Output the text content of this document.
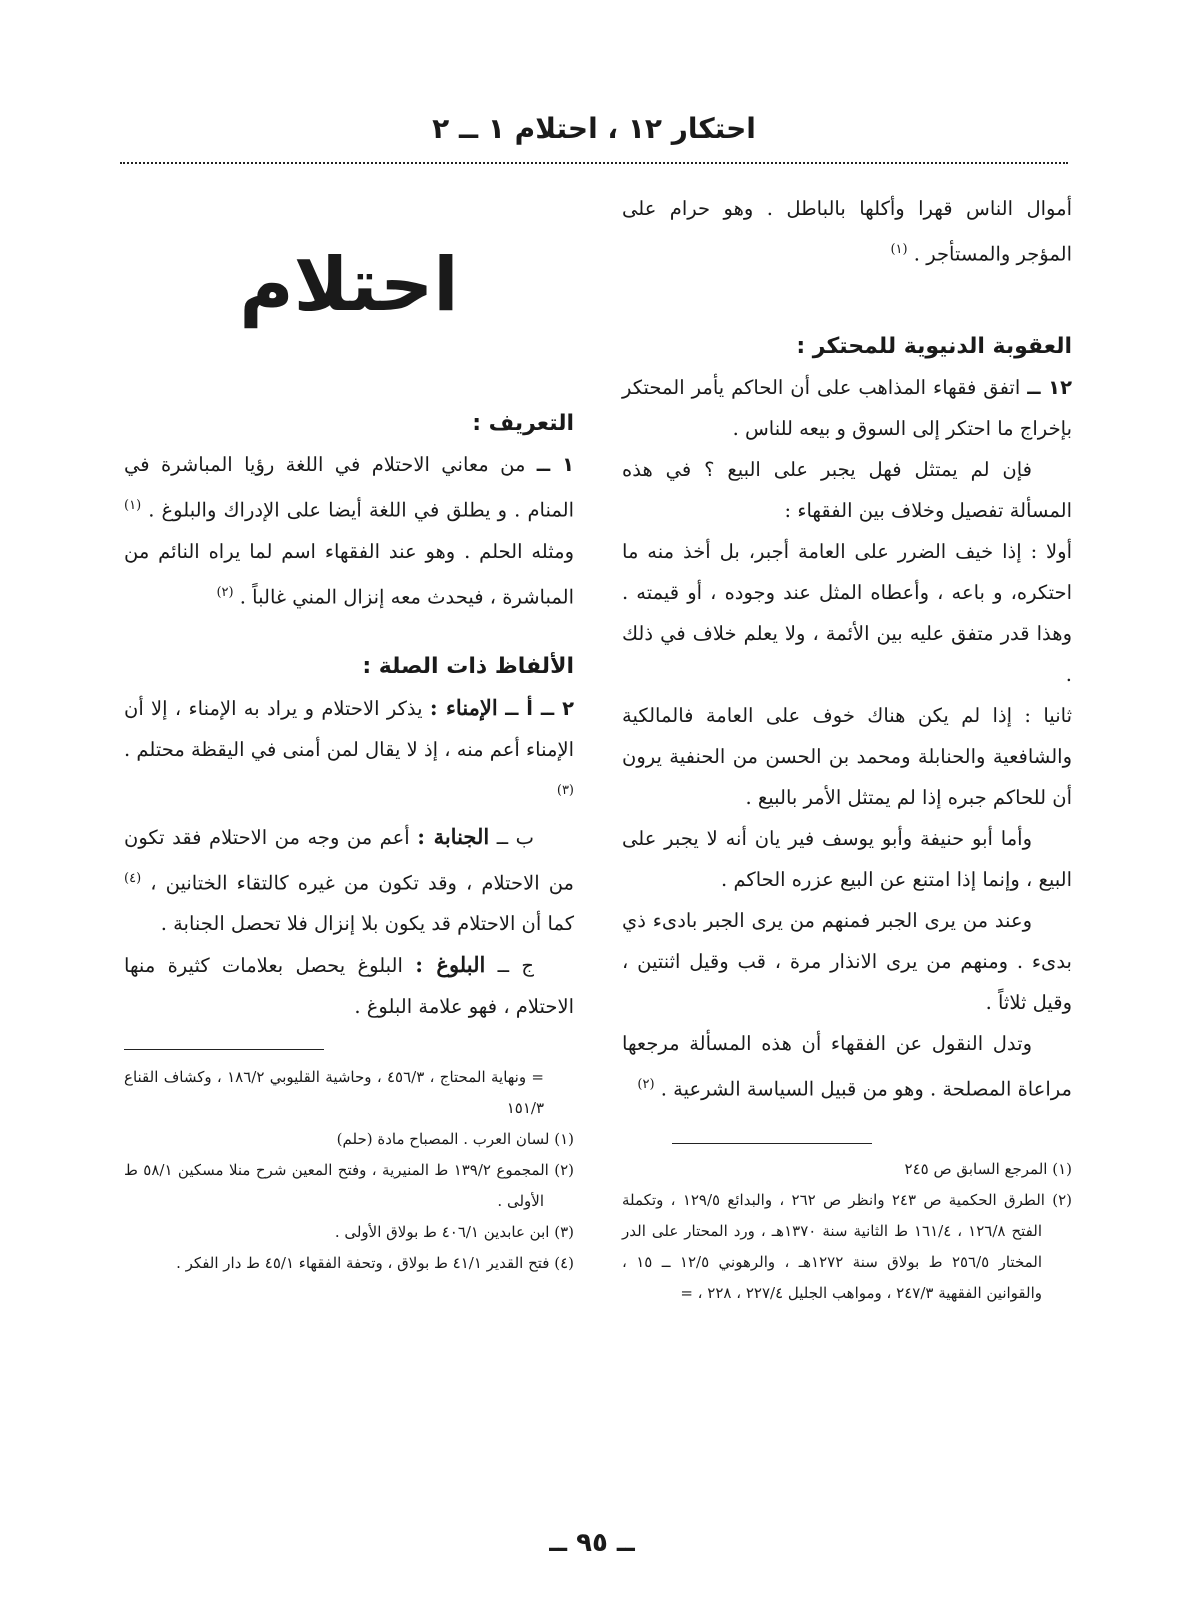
احتكار ١٢ ، احتلام ١ ــ ٢

أموال الناس قهرا وأكلها بالباطل . وهو حرام على المؤجر والمستأجر . $^{(١)}$

العقوبة الدنيوية للمحتكر :

١٢ ــ اتفق فقهاء المذاهب على أن الحاكم يأمر المحتكر بإخراج ما احتكر إلى السوق و بيعه للناس .

فإن لم يمتثل فهل يجبر على البيع ؟ في هذه المسألة تفصيل وخلاف بين الفقهاء :

أولا : إذا خيف الضرر على العامة أجبر، بل أخذ منه ما احتكره، و باعه ، وأعطاه المثل عند وجوده ، أو قيمته . وهذا قدر متفق عليه بين الأئمة ، ولا يعلم خلاف في ذلك .

ثانيا : إذا لم يكن هناك خوف على العامة فالمالكية والشافعية والحنابلة ومحمد بن الحسن من الحنفية يرون أن للحاكم جبره إذا لم يمتثل الأمر بالبيع .

وأما أبو حنيفة وأبو يوسف فير يان أنه لا يجبر على البيع ، وإنما إذا امتنع عن البيع عزره الحاكم .

وعند من يرى الجبر فمنهم من يرى الجبر بادىء ذي بدىء . ومنهم من يرى الانذار مرة ، قب وقيل اثنتين ، وقيل ثلاثاً .

وتدل النقول عن الفقهاء أن هذه المسألة مرجعها مراعاة المصلحة . وهو من قبيل السياسة الشرعية . $^{(٢)}$

(١) المرجع السابق ص ٢٤٥
(٢) الطرق الحكمية ص ٢٤٣ وانظر ص ٢٦٢ ، والبدائع ١٢٩/٥ ، وتكملة الفتح ١٢٦/٨ ، ١٦١/٤ ط الثانية سنة ١٣٧٠هـ ، ورد المحتار على الدر المختار ٢٥٦/٥ ط بولاق سنة ١٢٧٢هـ ، والرهوني ١٢/٥ ــ ١٥ ، والقوانين الفقهية ٢٤٧/٣ ، ومواهب الجليل ٢٢٧/٤ ، ٢٢٨ ، =
احتلام
التعريف :

١ ــ من معاني الاحتلام في اللغة رؤيا المباشرة في المنام . و يطلق في اللغة أيضا على الإدراك والبلوغ . $^{(١)}$ ومثله الحلم . وهو عند الفقهاء اسم لما يراه النائم من المباشرة ، فيحدث معه إنزال المني غالباً . $^{(٢)}$

الألفاظ ذات الصلة :

٢ ــ أ ــ الإمناء : يذكر الاحتلام و يراد به الإمناء ، إلا أن الإمناء أعم منه ، إذ لا يقال لمن أمنى في اليقظة محتلم . $^{(٣)}$

ب ــ الجنابة : أعم من وجه من الاحتلام فقد تكون من الاحتلام ، وقد تكون من غيره كالتقاء الختانين ، $^{(٤)}$ كما أن الاحتلام قد يكون بلا إنزال فلا تحصل الجنابة .

ج ــ البلوغ : البلوغ يحصل بعلامات كثيرة منها الاحتلام ، فهو علامة البلوغ .

= ونهاية المحتاج ، ٤٥٦/٣ ، وحاشية القليوبي ١٨٦/٢ ، وكشاف القناع ١٥١/٣
(١) لسان العرب . المصباح مادة (حلم)
(٢) المجموع ١٣٩/٢ ط المنيرية ، وفتح المعين شرح منلا مسكين ٥٨/١ ط الأولى .
(٣) ابن عابدين ٤٠٦/١ ط بولاق الأولى .
(٤) فتح القدير ٤١/١ ط بولاق ، وتحفة الفقهاء ٤٥/١ ط دار الفكر .
ــ ٩٥ ــ
